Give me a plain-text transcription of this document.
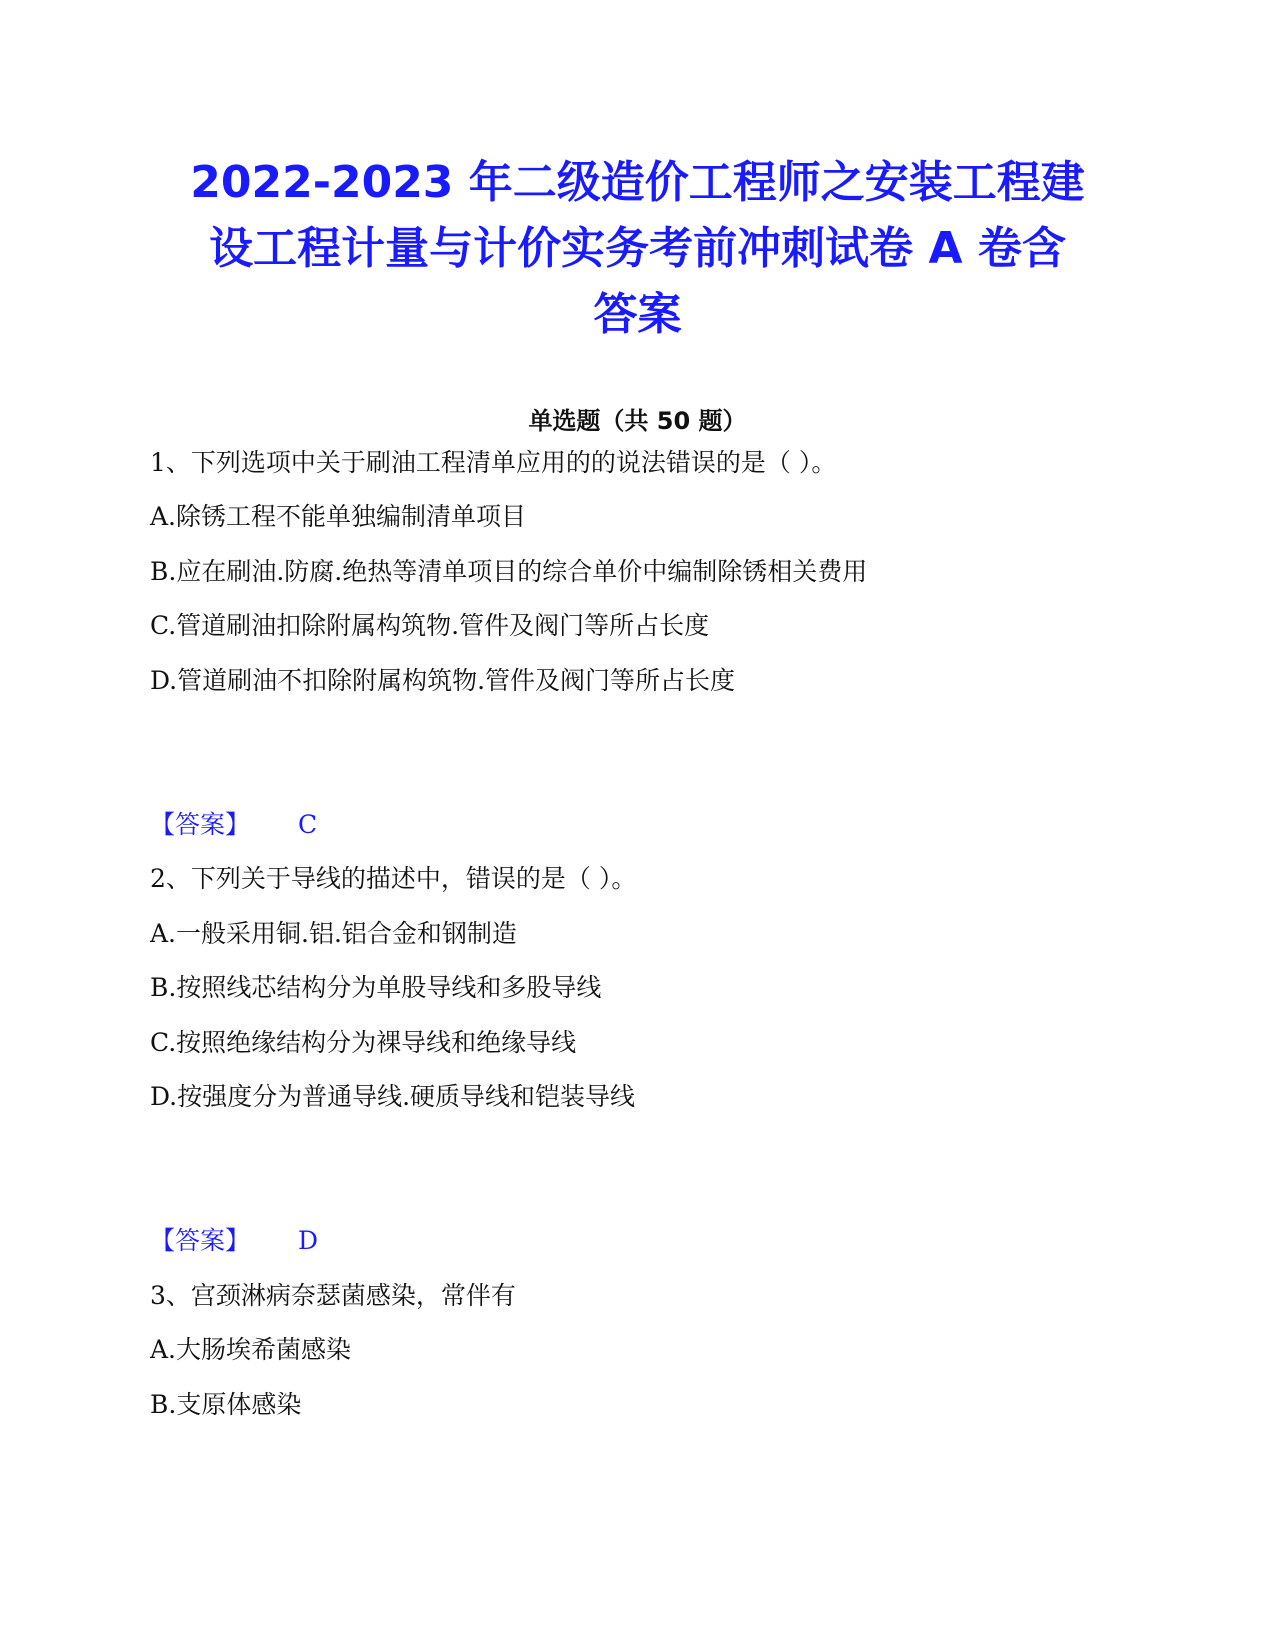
2022-2023 年二级造价工程师之安装工程建
设工程计量与计价实务考前冲刺试卷 A 卷含
答案
单选题（共 50 题）
1、下列选项中关于刷油工程清单应用的的说法错误的是（ ）。
A.除锈工程不能单独编制清单项目
B.应在刷油.防腐.绝热等清单项目的综合单价中编制除锈相关费用
C.管道刷油扣除附属构筑物.管件及阀门等所占长度
D.管道刷油不扣除附属构筑物.管件及阀门等所占长度
【答案】 C
2、下列关于导线的描述中，错误的是（ ）。
A.一般采用铜.铝.铝合金和钢制造
B.按照线芯结构分为单股导线和多股导线
C.按照绝缘结构分为裸导线和绝缘导线
D.按强度分为普通导线.硬质导线和铠装导线
【答案】 D
3、宫颈淋病奈瑟菌感染，常伴有
A.大肠埃希菌感染
B.支原体感染
